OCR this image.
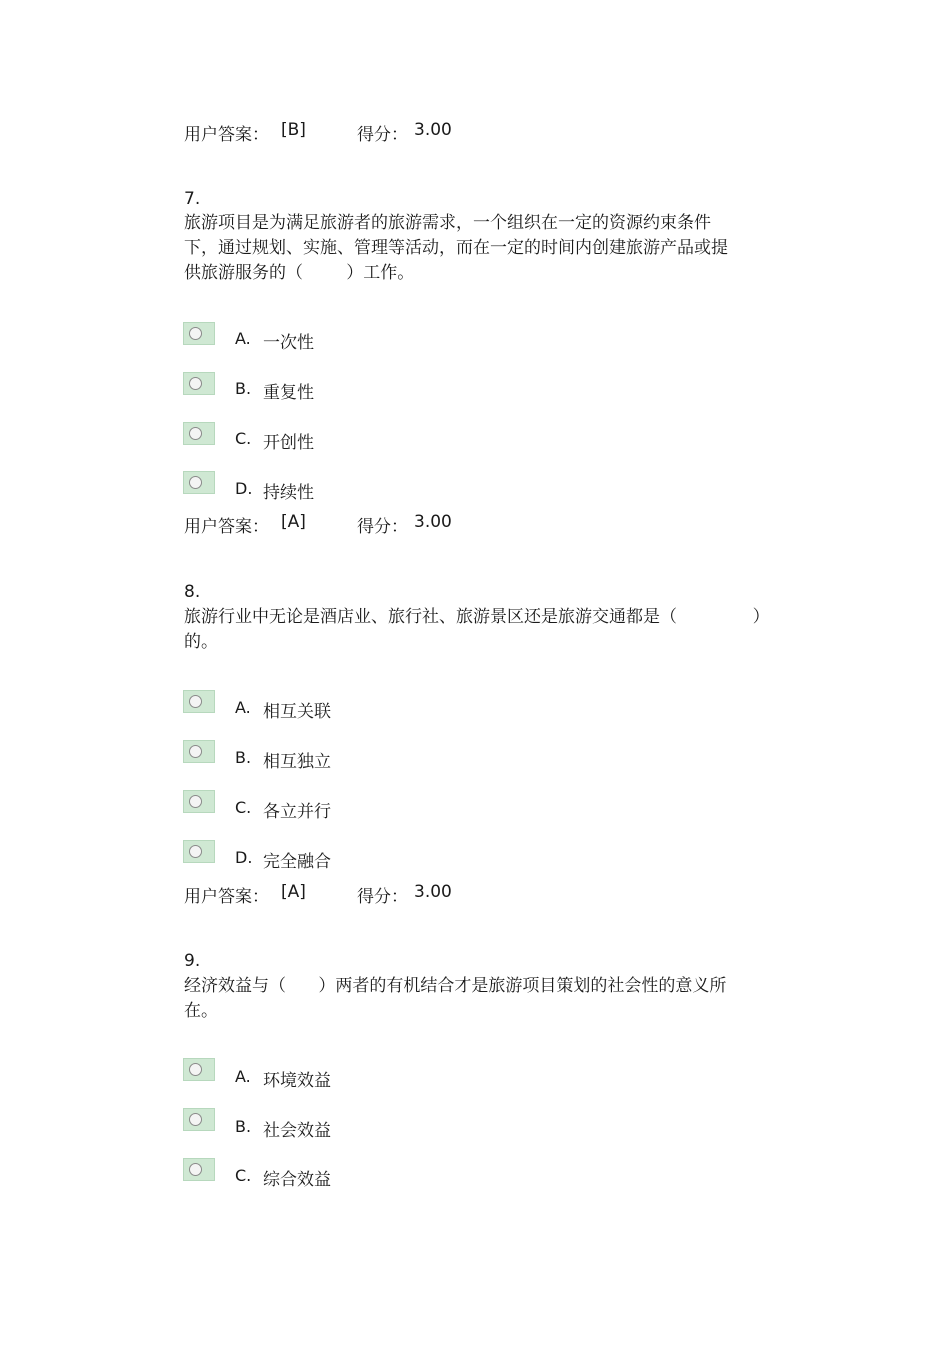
用户答案： [B]	得分： 3.00
7.
旅游项目是为满足旅游者的旅游需求，一个组织在一定的资源约束条件
下，通过规划、实施、管理等活动，而在一定的时间内创建旅游产品或提
供旅游服务的（        ）工作。
A. 一次性
B. 重复性
C. 开创性
D. 持续性
用户答案： [A]	得分： 3.00
8.
旅游行业中无论是酒店业、旅行社、旅游景区还是旅游交通都是（              ）
的。
A. 相互关联
B. 相互独立
C. 各立并行
D. 完全融合
用户答案： [A]	得分： 3.00
9.
经济效益与（      ）两者的有机结合才是旅游项目策划的社会性的意义所
在。
A. 环境效益
B. 社会效益
C. 综合效益
